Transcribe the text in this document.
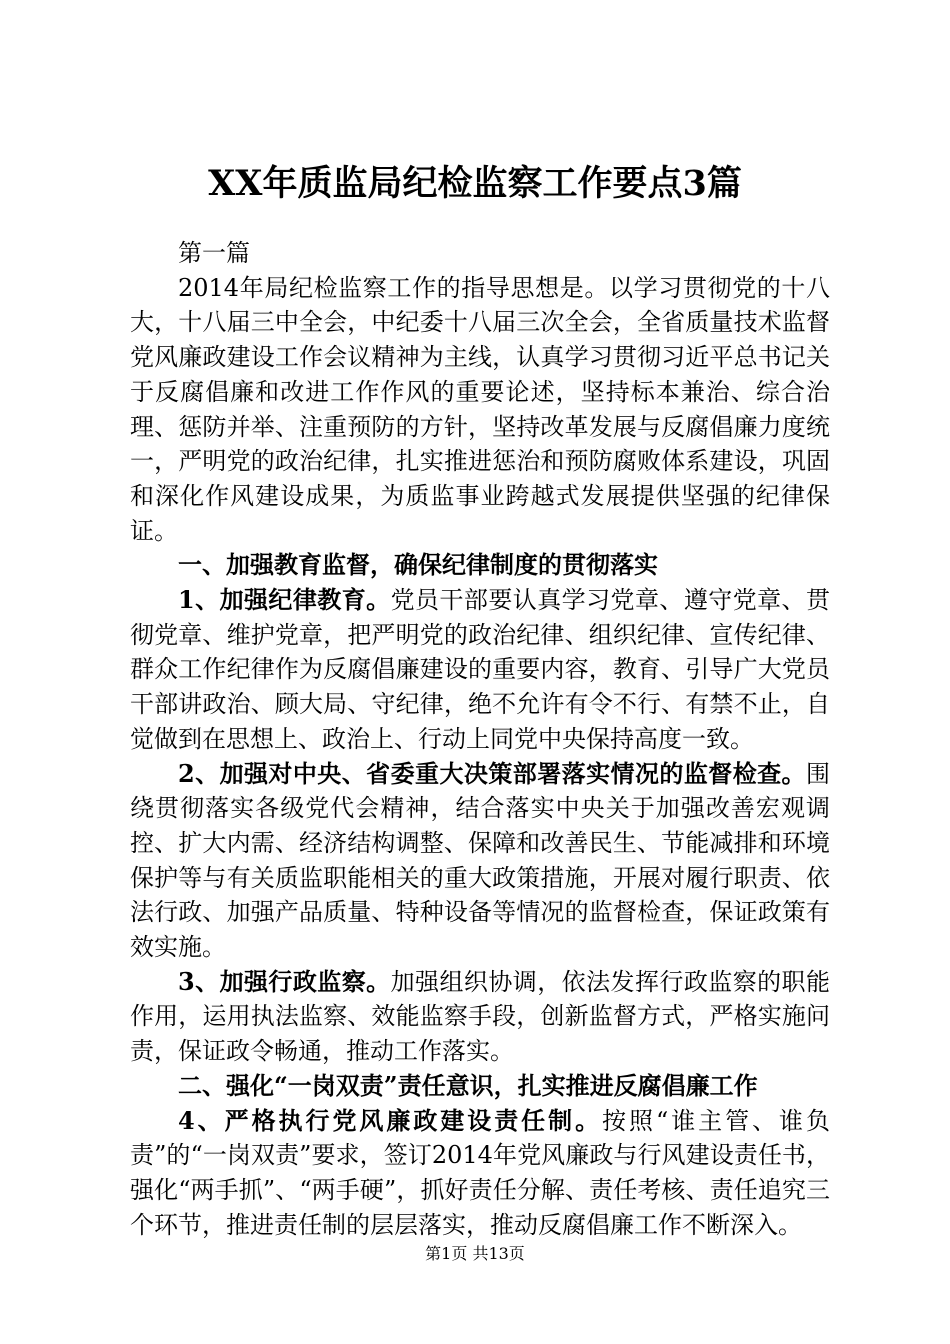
XX年质监局纪检监察工作要点3篇

第一篇

2014年局纪检监察工作的指导思想是。以学习贯彻党的十八大，十八届三中全会，中纪委十八届三次全会，全省质量技术监督党风廉政建设工作会议精神为主线，认真学习贯彻习近平总书记关于反腐倡廉和改进工作作风的重要论述，坚持标本兼治、综合治理、惩防并举、注重预防的方针，坚持改革发展与反腐倡廉力度统一，严明党的政治纪律，扎实推进惩治和预防腐败体系建设，巩固和深化作风建设成果，为质监事业跨越式发展提供坚强的纪律保证。

一、加强教育监督，确保纪律制度的贯彻落实

1、加强纪律教育。党员干部要认真学习党章、遵守党章、贯彻党章、维护党章，把严明党的政治纪律、组织纪律、宣传纪律、群众工作纪律作为反腐倡廉建设的重要内容，教育、引导广大党员干部讲政治、顾大局、守纪律，绝不允许有令不行、有禁不止，自觉做到在思想上、政治上、行动上同党中央保持高度一致。

2、加强对中央、省委重大决策部署落实情况的监督检查。围绕贯彻落实各级党代会精神，结合落实中央关于加强改善宏观调控、扩大内需、经济结构调整、保障和改善民生、节能减排和环境保护等与有关质监职能相关的重大政策措施，开展对履行职责、依法行政、加强产品质量、特种设备等情况的监督检查，保证政策有效实施。

3、加强行政监察。加强组织协调，依法发挥行政监察的职能作用，运用执法监察、效能监察手段，创新监督方式，严格实施问责，保证政令畅通，推动工作落实。

二、强化“一岗双责”责任意识，扎实推进反腐倡廉工作

4、严格执行党风廉政建设责任制。按照“谁主管、谁负责”的“一岗双责”要求，签订2014年党风廉政与行风建设责任书，强化“两手抓”、“两手硬”，抓好责任分解、责任考核、责任追究三个环节，推进责任制的层层落实，推动反腐倡廉工作不断深入。

第1页 共13页
